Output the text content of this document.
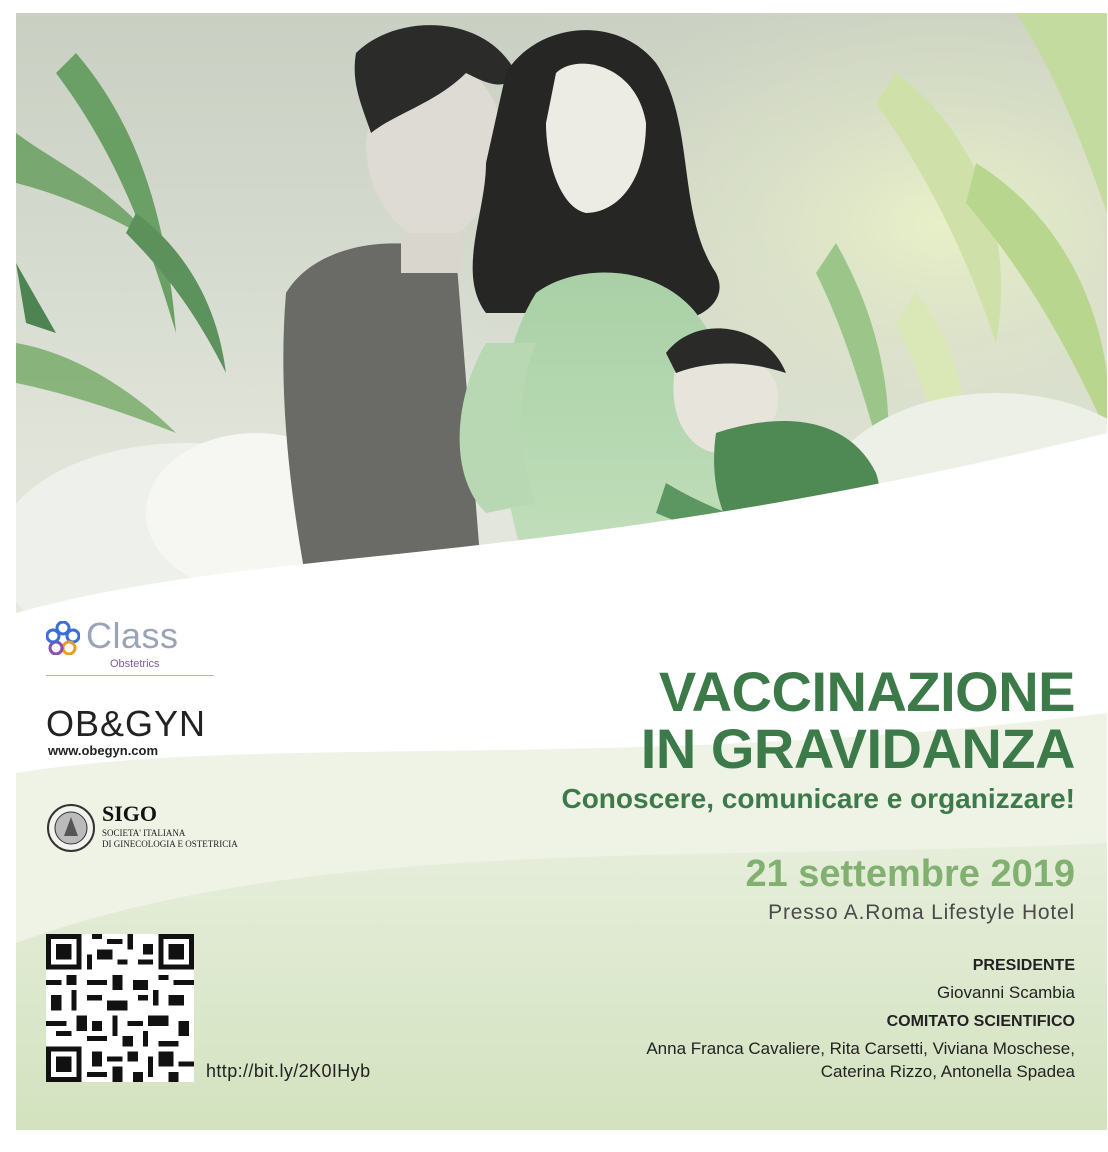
Class
Obstetrics
OB&GYN
www.obegyn.com
SIGO
SOCIETA' ITALIANA
DI GINECOLOGIA E OSTETRICIA
VACCINAZIONE
IN GRAVIDANZA
Conoscere, comunicare e organizzare!
21 settembre 2019
Presso A.Roma Lifestyle Hotel
PRESIDENTE
Giovanni Scambia
COMITATO SCIENTIFICO
Anna Franca Cavaliere, Rita Carsetti, Viviana Moschese,
Caterina Rizzo, Antonella Spadea
http://bit.ly/2K0IHyb
